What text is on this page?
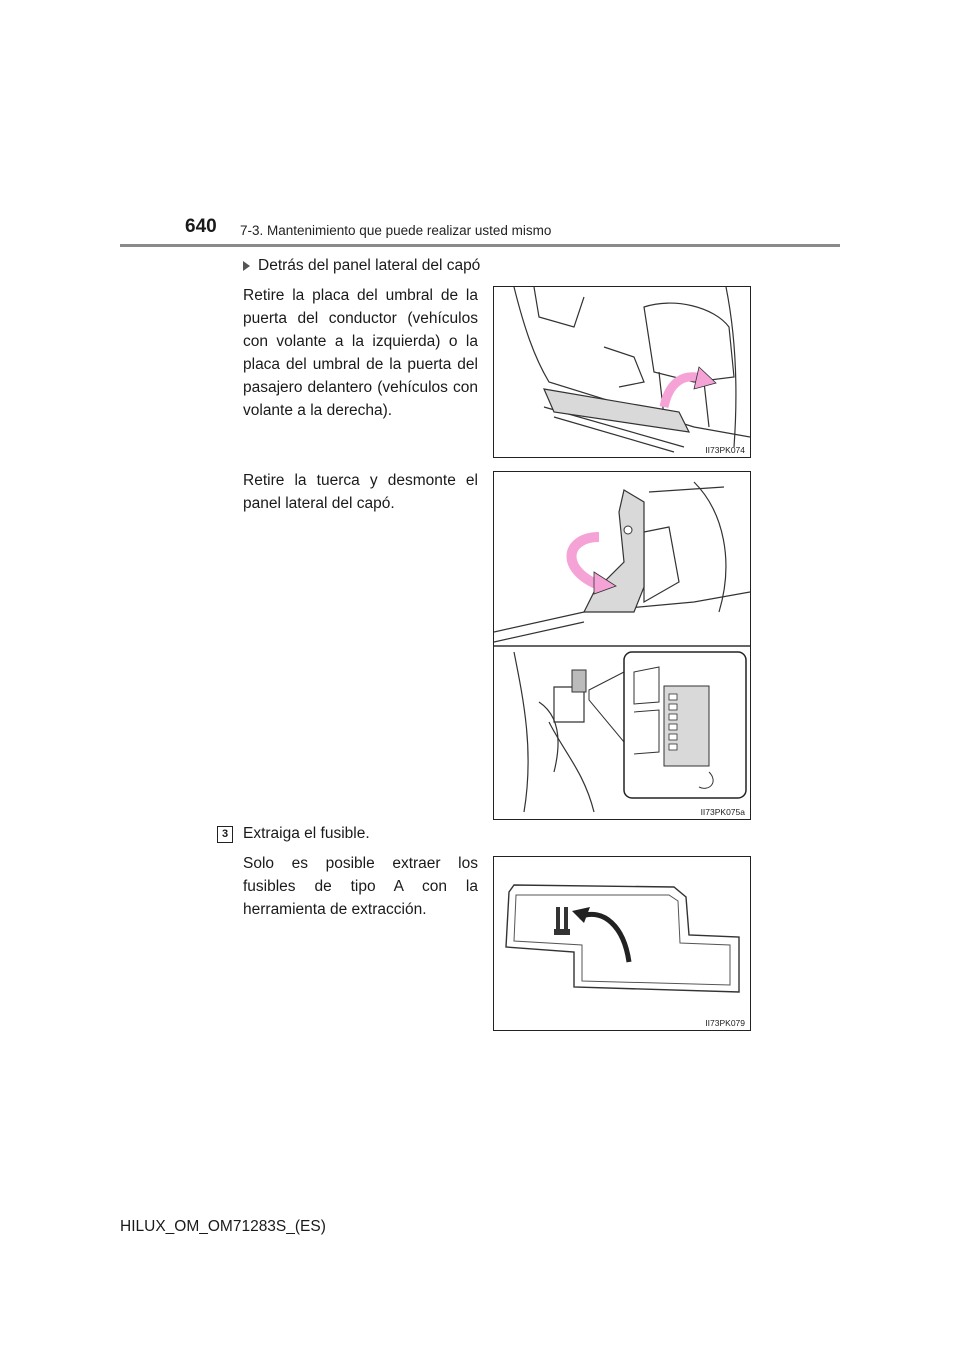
640 7-3. Mantenimiento que puede realizar usted mismo
Detrás del panel lateral del capó
Retire la placa del umbral de la puerta del conductor (vehículos con volante a la izquierda) o la placa del umbral de la puerta del pasajero delantero (vehículos con volante a la derecha).
Retire la tuerca y desmonte el panel lateral del capó.
3 Extraiga el fusible.
Solo es posible extraer los fusibles de tipo A con la herramienta de extracción.
II73PK074
II73PK075a
II73PK079
HILUX_OM_OM71283S_(ES)
